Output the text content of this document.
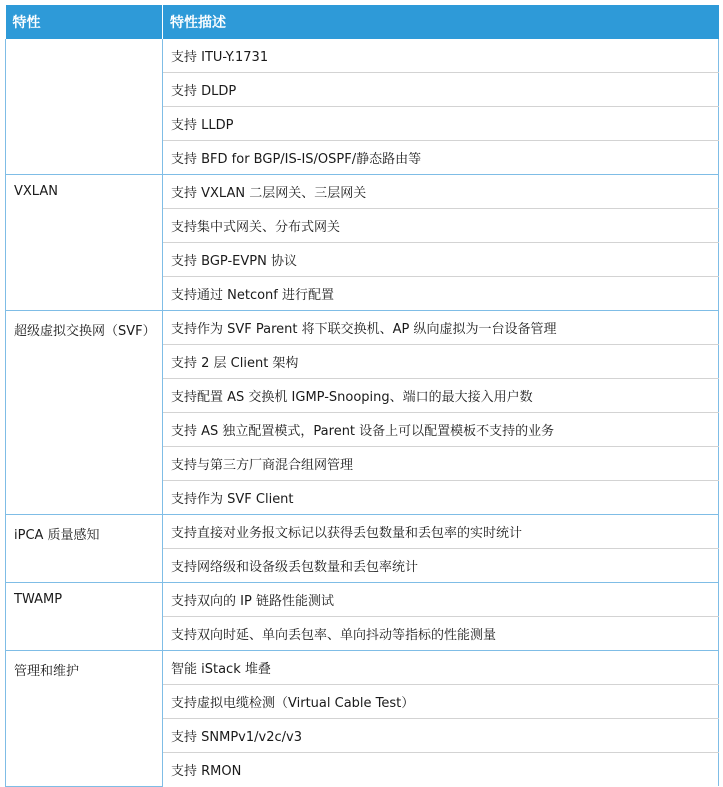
特性	特性描述
	支持 ITU-Y.1731
	支持 DLDP
	支持 LLDP
	支持 BFD for BGP/IS-IS/OSPF/静态路由等
VXLAN	支持 VXLAN 二层网关、三层网关
	支持集中式网关、分布式网关
	支持 BGP-EVPN 协议
	支持通过 Netconf 进行配置
超级虚拟交换网（SVF）	支持作为 SVF Parent 将下联交换机、AP 纵向虚拟为一台设备管理
	支持 2 层 Client 架构
	支持配置 AS 交换机 IGMP-Snooping、端口的最大接入用户数
	支持 AS 独立配置模式，Parent 设备上可以配置模板不支持的业务
	支持与第三方厂商混合组网管理
	支持作为 SVF Client
iPCA 质量感知	支持直接对业务报文标记以获得丢包数量和丢包率的实时统计
	支持网络级和设备级丢包数量和丢包率统计
TWAMP	支持双向的 IP 链路性能测试
	支持双向时延、单向丢包率、单向抖动等指标的性能测量
管理和维护	智能 iStack 堆叠
	支持虚拟电缆检测（Virtual Cable Test）
	支持 SNMPv1/v2c/v3
	支持 RMON
